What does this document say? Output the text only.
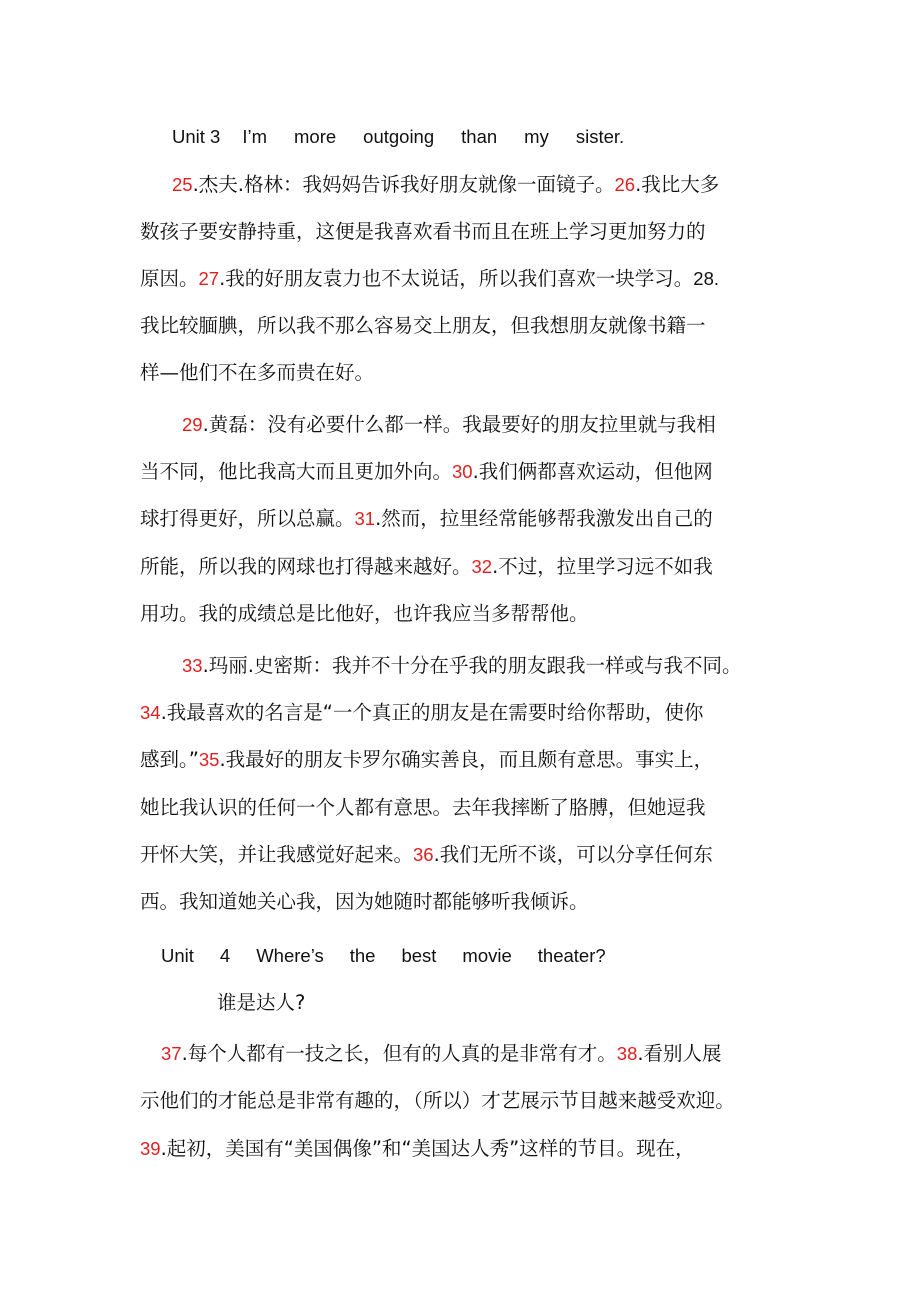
Unit 3 I’m more outgoing than my sister.
25.杰夫.格林：我妈妈告诉我好朋友就像一面镜子。26.我比大多
数孩子要安静持重，这便是我喜欢看书而且在班上学习更加努力的
原因。27.我的好朋友袁力也不太说话，所以我们喜欢一块学习。28.
我比较腼腆，所以我不那么容易交上朋友，但我想朋友就像书籍一
样—他们不在多而贵在好。
29.黄磊：没有必要什么都一样。我最要好的朋友拉里就与我相
当不同，他比我高大而且更加外向。30.我们俩都喜欢运动，但他网
球打得更好，所以总赢。31.然而，拉里经常能够帮我激发出自己的
所能，所以我的网球也打得越来越好。32.不过，拉里学习远不如我
用功。我的成绩总是比他好，也许我应当多帮帮他。
33.玛丽.史密斯：我并不十分在乎我的朋友跟我一样或与我不同。
34.我最喜欢的名言是“一个真正的朋友是在需要时给你帮助，使你
感到。”35.我最好的朋友卡罗尔确实善良，而且颇有意思。事实上，
她比我认识的任何一个人都有意思。去年我摔断了胳膊，但她逗我
开怀大笑，并让我感觉好起来。36.我们无所不谈，可以分享任何东
西。我知道她关心我，因为她随时都能够听我倾诉。
Unit 4 Where’s the best movie theater?
谁是达人?
37.每个人都有一技之长，但有的人真的是非常有才。38.看别人展
示他们的才能总是非常有趣的，（所以）才艺展示节目越来越受欢迎。
39.起初，美国有“美国偶像”和“美国达人秀”这样的节目。现在，
